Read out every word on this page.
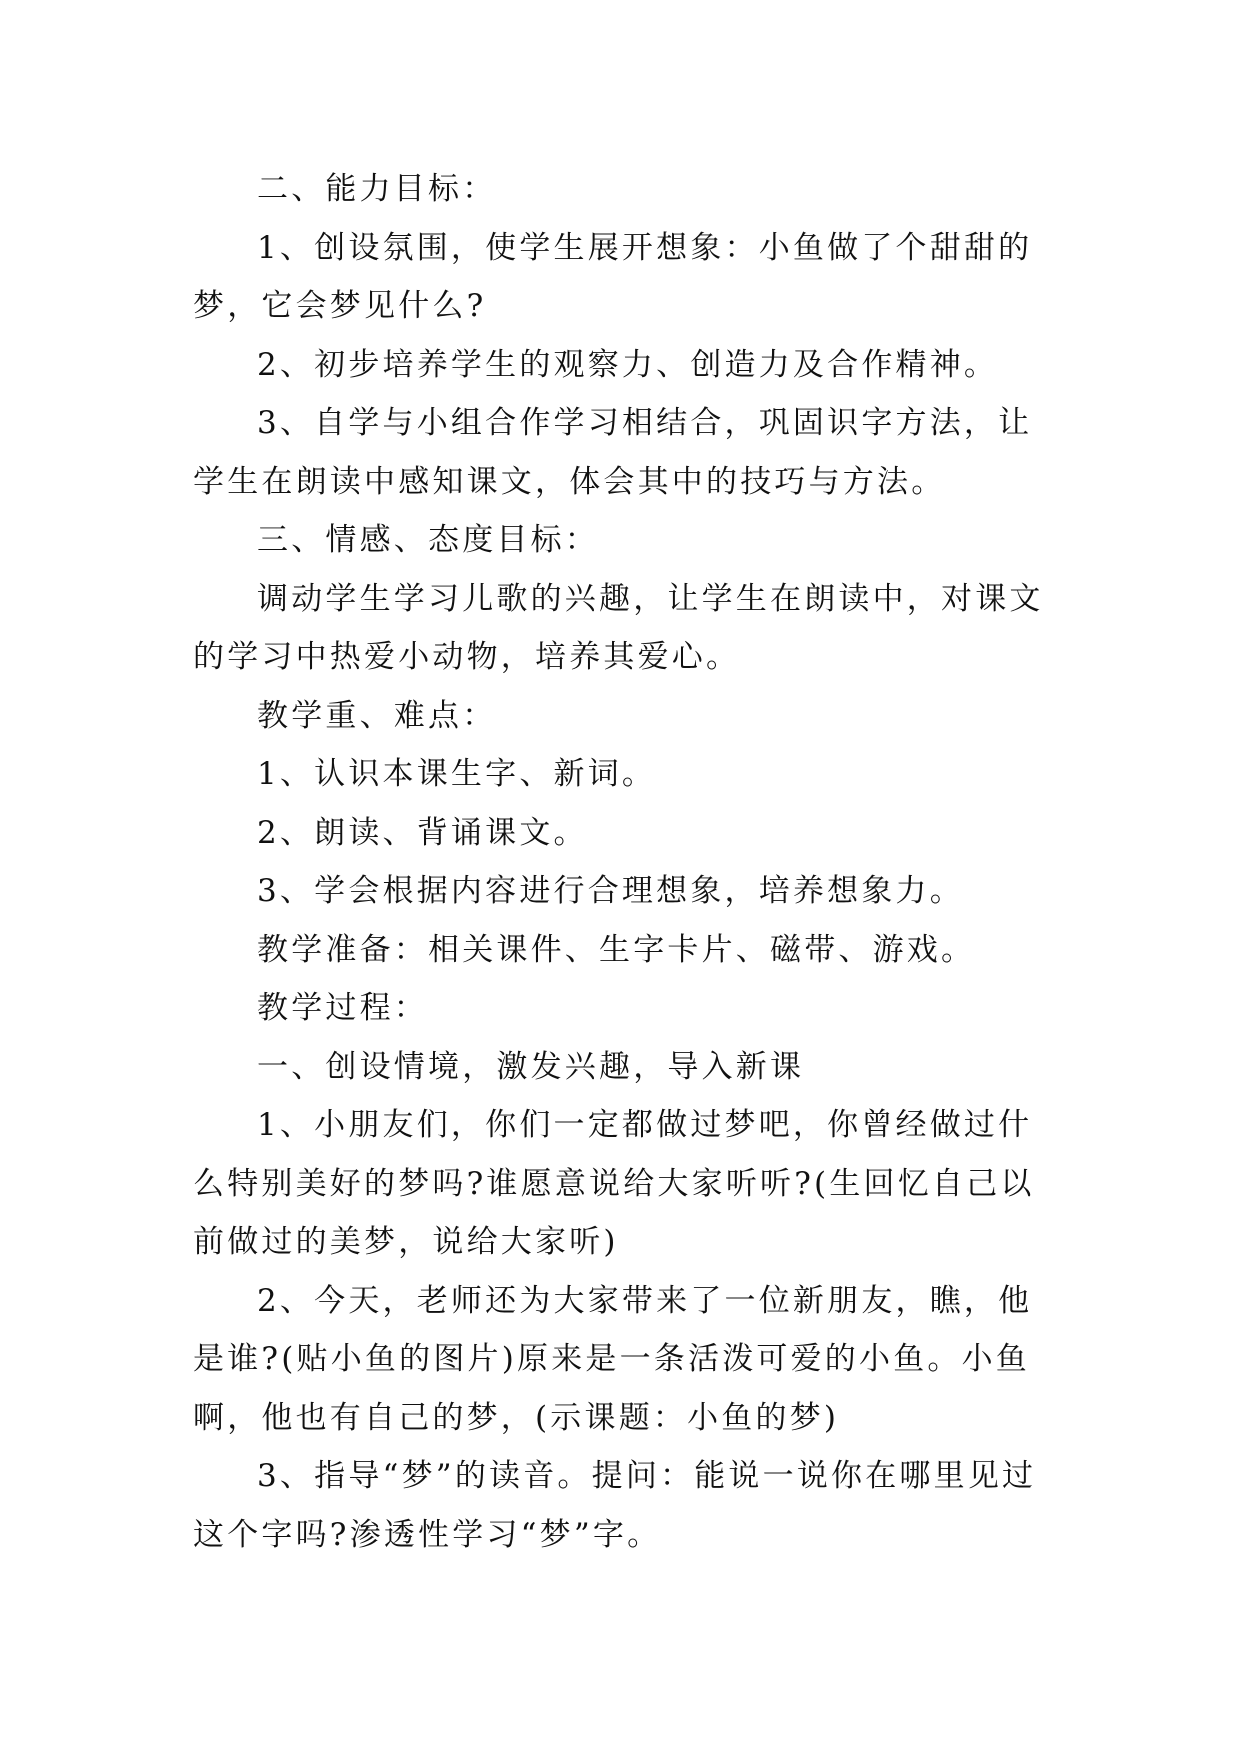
二、能力目标：

1、创设氛围，使学生展开想象：小鱼做了个甜甜的梦，它会梦见什么?

2、初步培养学生的观察力、创造力及合作精神。

3、自学与小组合作学习相结合，巩固识字方法，让学生在朗读中感知课文，体会其中的技巧与方法。

三、情感、态度目标：

调动学生学习儿歌的兴趣，让学生在朗读中，对课文的学习中热爱小动物，培养其爱心。

教学重、难点：

1、认识本课生字、新词。

2、朗读、背诵课文。

3、学会根据内容进行合理想象，培养想象力。

教学准备：相关课件、生字卡片、磁带、游戏。

教学过程：

一、创设情境，激发兴趣，导入新课

1、小朋友们，你们一定都做过梦吧，你曾经做过什么特别美好的梦吗?谁愿意说给大家听听?(生回忆自己以前做过的美梦，说给大家听)

2、今天，老师还为大家带来了一位新朋友，瞧，他是谁?(贴小鱼的图片)原来是一条活泼可爱的小鱼。小鱼啊，他也有自己的梦，(示课题：小鱼的梦)

3、指导“梦”的读音。提问：能说一说你在哪里见过这个字吗?渗透性学习“梦”字。
